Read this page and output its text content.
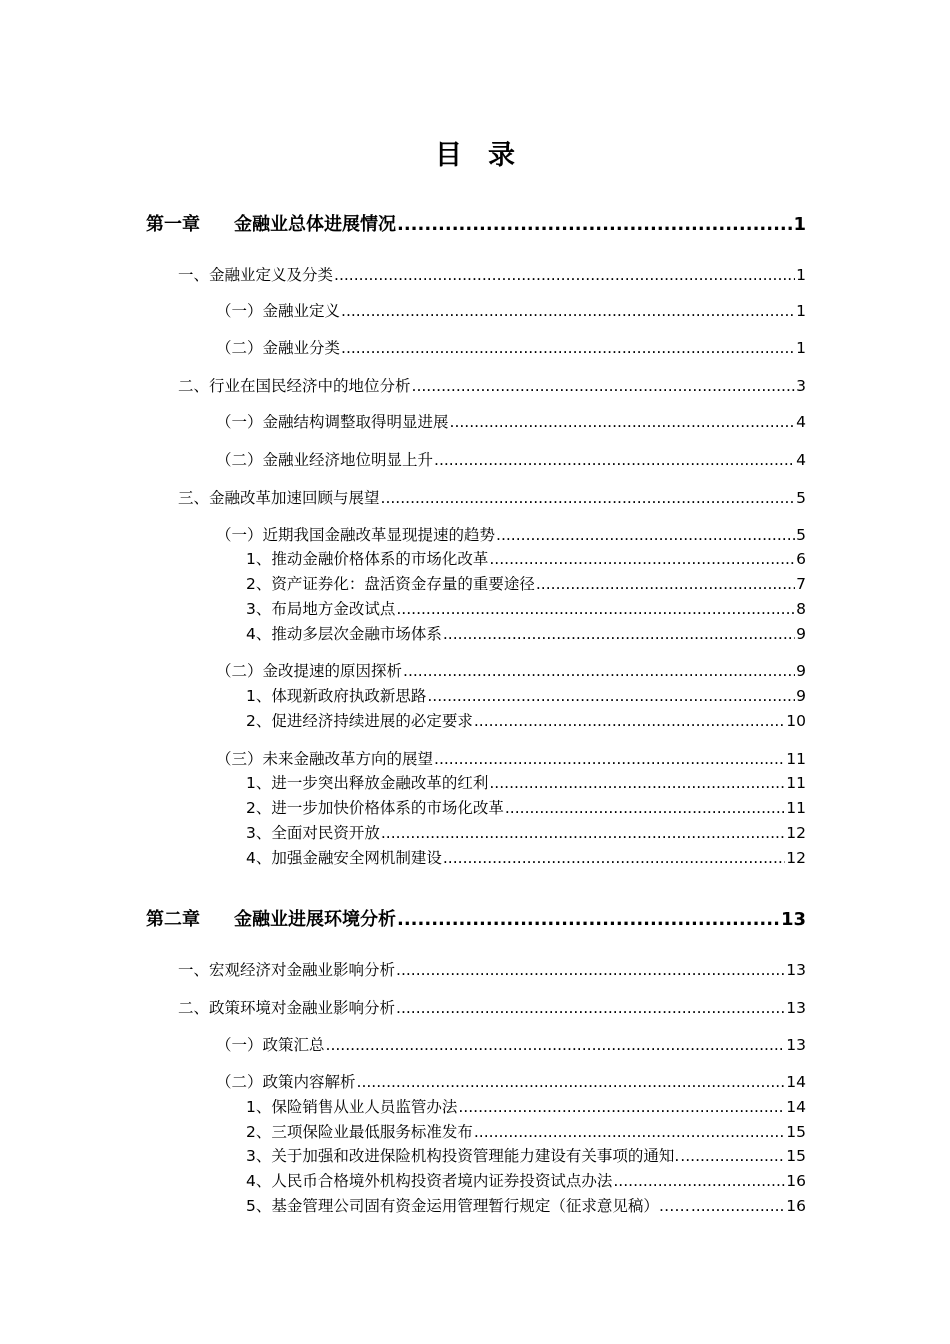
目 录
第一章 金融业总体进展情况 .....	1
一、金融业定义及分类 .....	1
（一）金融业定义 .....	1
（二）金融业分类 .....	1
二、行业在国民经济中的地位分析 .....	3
（一）金融结构调整取得明显进展 .....	4
（二）金融业经济地位明显上升 .....	4
三、金融改革加速回顾与展望 .....	5
（一）近期我国金融改革显现提速的趋势 .....	5
1、推动金融价格体系的市场化改革 .....	6
2、资产证券化：盘活资金存量的重要途径 .....	7
3、布局地方金改试点 .....	8
4、推动多层次金融市场体系 .....	9
（二）金改提速的原因探析 .....	9
1、体现新政府执政新思路 .....	9
2、促进经济持续进展的必定要求 .....	10
（三）未来金融改革方向的展望 .....	11
1、进一步突出释放金融改革的红利 .....	11
2、进一步加快价格体系的市场化改革 .....	11
3、全面对民资开放 .....	12
4、加强金融安全网机制建设 .....	12
第二章 金融业进展环境分析 .....	13
一、宏观经济对金融业影响分析 .....	13
二、政策环境对金融业影响分析 .....	13
（一）政策汇总 .....	13
（二）政策内容解析 .....	14
1、保险销售从业人员监管办法 .....	14
2、三项保险业最低服务标准发布 .....	15
3、关于加强和改进保险机构投资管理能力建设有关事项的通知. .....	15
4、人民币合格境外机构投资者境内证券投资试点办法 .....	16
5、基金管理公司固有资金运用管理暂行规定（征求意见稿）…… .....	16
